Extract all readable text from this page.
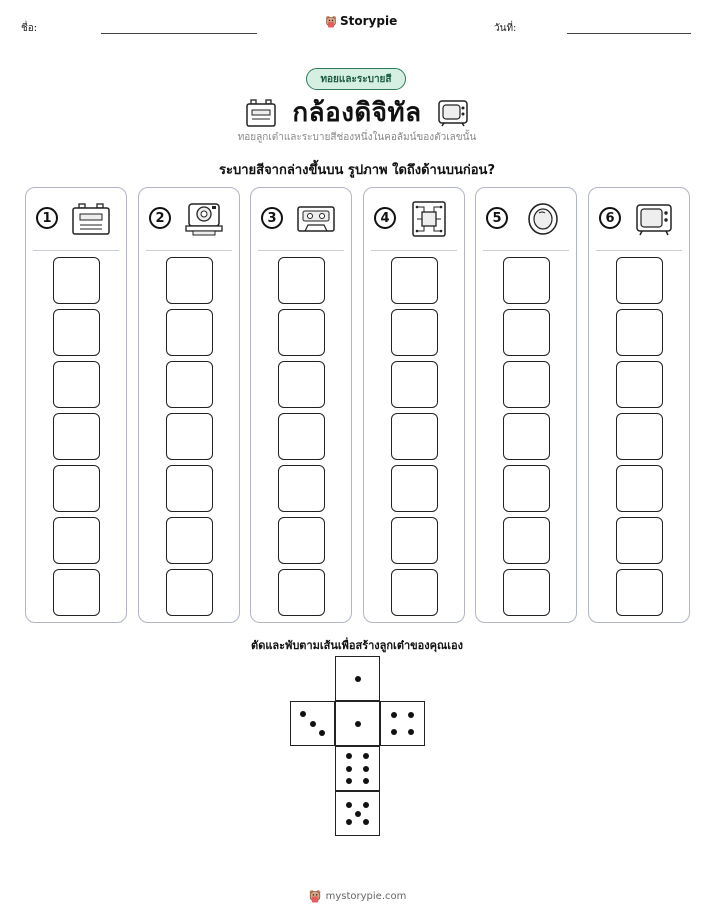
ชื่อ:
Storypie
วันที่:
ทอยและระบายสี
กล้องดิจิทัล
ทอยลูกเต๋าและระบายสีช่องหนึ่งในคอลัมน์ของตัวเลขนั้น
ระบายสีจากล่างขึ้นบน รูปภาพ ใดถึงด้านบนก่อน?
1	2	3	4	5	6
ตัดและพับตามเส้นเพื่อสร้างลูกเต๋าของคุณเอง
mystorypie.com
